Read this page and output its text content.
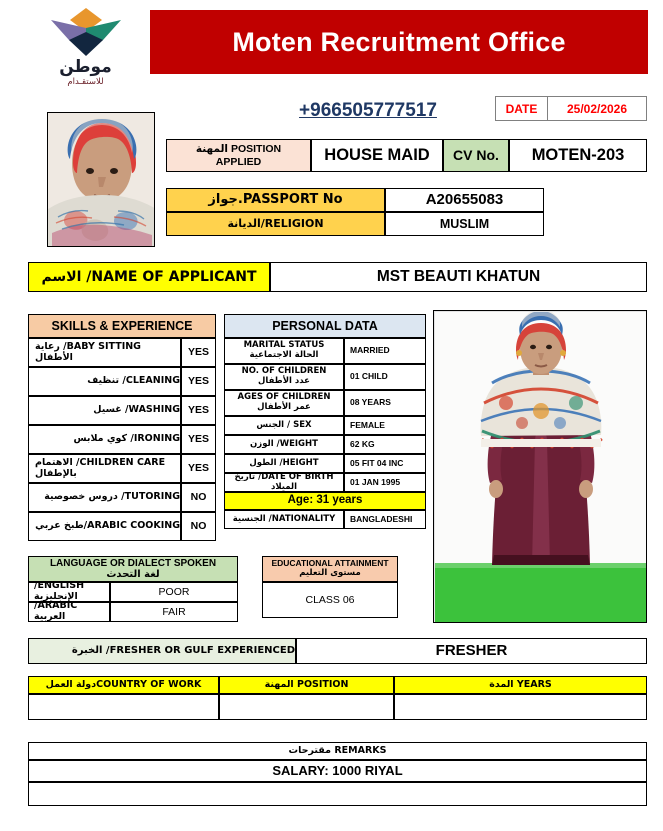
موطن
للاستقـدام
Moten Recruitment Office
+966505777517	DATE	25/02/2026
المهنة POSITION
APPLIED	HOUSE MAID	CV No.	MOTEN-203
PASSPORT No.جواز	A20655083
RELIGION/الديانة	MUSLIM
NAME OF APPLICANT/ الاسم	MST BEAUTI KHATUN
SKILLS & EXPERIENCE
BABY SITTING/ رعاية الأطفال	YES
CLEANING/ تنظيف YES
WASHING/ غسيل YES
IRONING/ كوي ملابس YES
CHILDREN CARE/ الاهتمام بالإطفال	YES
TUTORING/ دروس خصوصية	NO
ARABIC COOKING/طبخ عربي	NO
PERSONAL DATA
MARITAL STATUS
الحالة الاجتماعية	MARRIED
NO. OF CHILDREN
عدد الأطفال	01 CHILD
AGES OF CHILDREN
عمر الأطفال	08 YEARS
SEX / الجنس	FEMALE
WEIGHT/ الوزن	62 KG
HEIGHT/ الطول	05 FIT 04 INC
DATE OF BIRTH/ تاريخ الميلاد	01 JAN 1995
Age: 31 years
NATIONALITY/ الجنسية	BANGLADESHI
LANGUAGE OR DIALECT SPOKEN
لغة التحدث
ENGLISH/ الإنجليزية	POOR
ARABIC/ العربية	FAIR
EDUCATIONAL ATTAINMENT
مستوى التعليم
CLASS 06
FRESHER OR GULF EXPERIENCED/ الخبرة	FRESHER
COUNTRY OF WORKدولة العمل	POSITION المهنة	YEARS المدة
REMARKS مقترحات
SALARY: 1000 RIYAL
